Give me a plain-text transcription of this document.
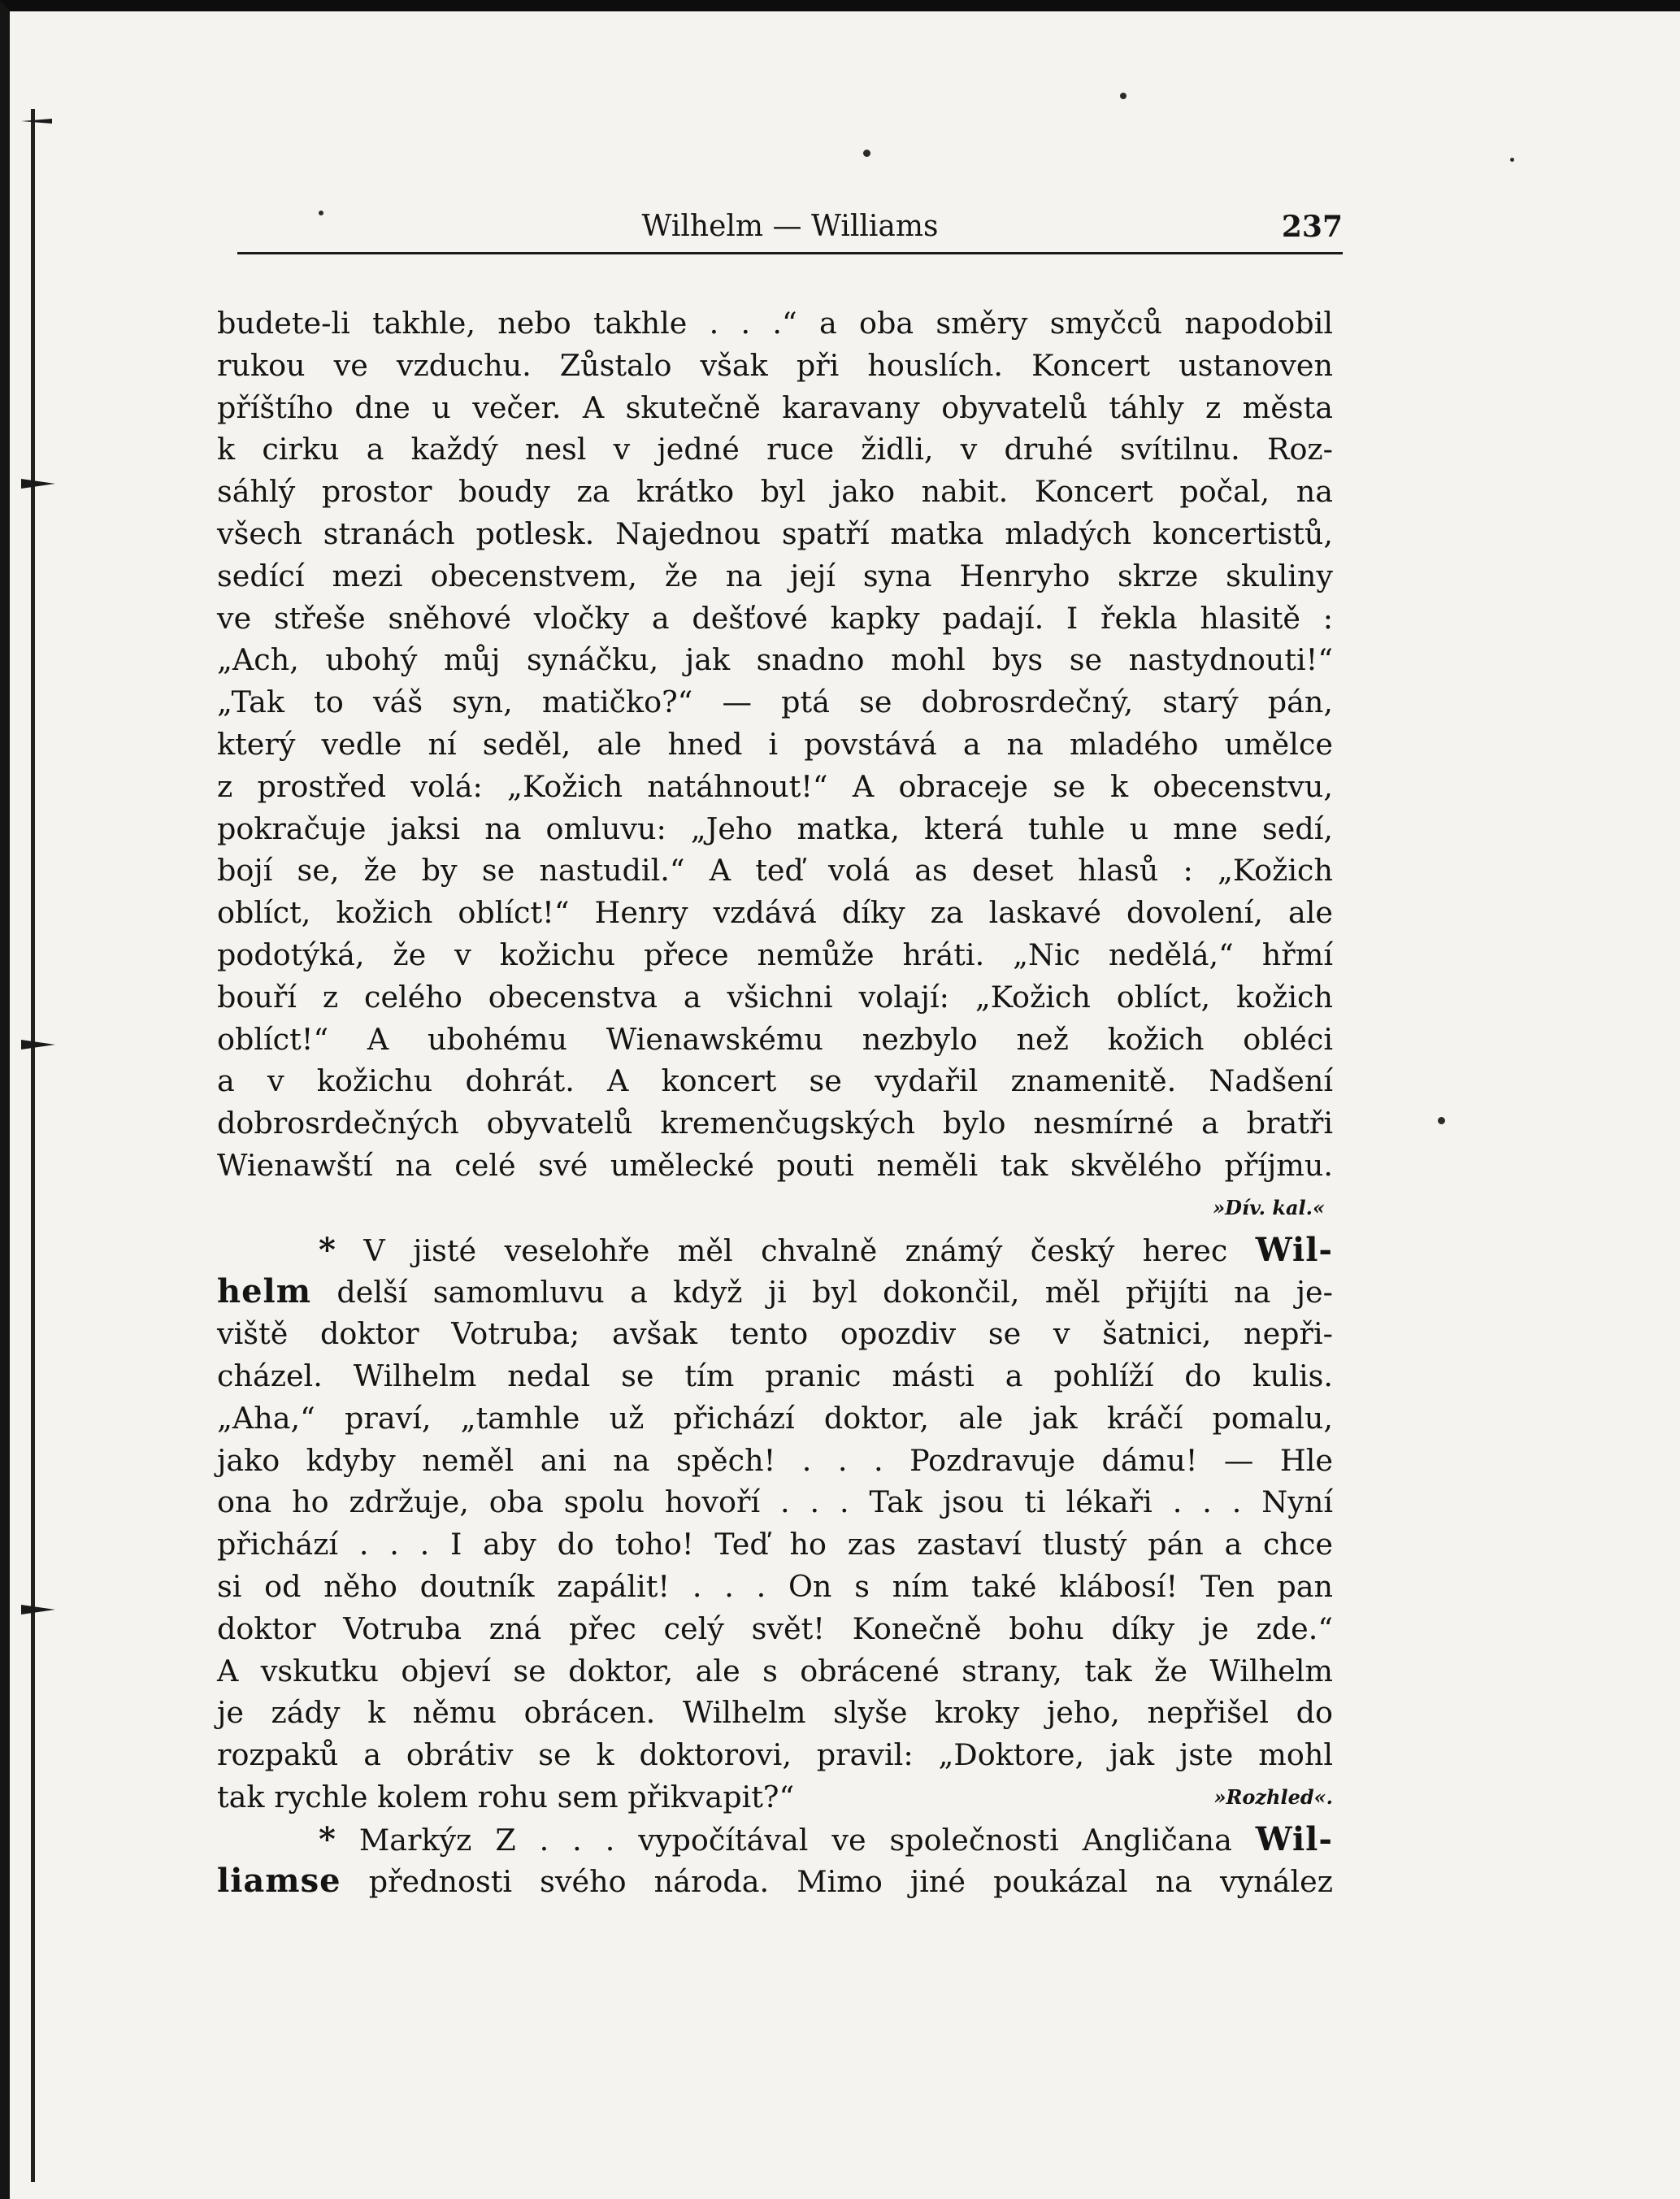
Wilhelm — Williams	237
budete-li takhle, nebo takhle . . .“ a oba směry smyčců napodobil
rukou ve vzduchu. Zůstalo však při houslích. Koncert ustanoven
příštího dne u večer. A skutečně karavany obyvatelů táhly z města
k cirku a každý nesl v jedné ruce židli, v druhé svítilnu. Roz-
sáhlý prostor boudy za krátko byl jako nabit. Koncert počal, na
všech stranách potlesk. Najednou spatří matka mladých koncertistů,
sedící mezi obecenstvem, že na její syna Henryho skrze skuliny
ve střeše sněhové vločky a dešťové kapky padají. I řekla hlasitě :
„Ach, ubohý můj synáčku, jak snadno mohl bys se nastydnouti!“
„Tak to váš syn, matičko?“ — ptá se dobrosrdečný, starý pán,
který vedle ní seděl, ale hned i povstává a na mladého umělce
z prostřed volá: „Kožich natáhnout!“ A obraceje se k obecenstvu,
pokračuje jaksi na omluvu: „Jeho matka, která tuhle u mne sedí,
bojí se, že by se nastudil.“ A teď volá as deset hlasů : „Kožich
oblíct, kožich oblíct!“ Henry vzdává díky za laskavé dovolení, ale
podotýká, že v kožichu přece nemůže hráti. „Nic nedělá,“ hřmí
bouří z celého obecenstva a všichni volají: „Kožich oblíct, kožich
oblíct!“ A ubohému Wienawskému nezbylo než kožich obléci
a v kožichu dohrát. A koncert se vydařil znamenitě. Nadšení
dobrosrdečných obyvatelů kremenčugských bylo nesmírné a bratři
Wienawští na celé své umělecké pouti neměli tak skvělého příjmu.
»Dív. kal.«
* V jisté veselohře měl chvalně známý český herec Wil-
helm delší samomluvu a když ji byl dokončil, měl přijíti na je-
viště doktor Votruba; avšak tento opozdiv se v šatnici, nepři-
cházel. Wilhelm nedal se tím pranic másti a pohlíží do kulis.
„Aha,“ praví, „tamhle už přichází doktor, ale jak kráčí pomalu,
jako kdyby neměl ani na spěch! . . . Pozdravuje dámu! — Hle
ona ho zdržuje, oba spolu hovoří . . . Tak jsou ti lékaři . . . Nyní
přichází . . . I aby do toho! Teď ho zas zastaví tlustý pán a chce
si od něho doutník zapálit! . . . On s ním také klábosí! Ten pan
doktor Votruba zná přec celý svět! Konečně bohu díky je zde.“
A vskutku objeví se doktor, ale s obrácené strany, tak že Wilhelm
je zády k němu obrácen. Wilhelm slyše kroky jeho, nepřišel do
rozpaků a obrátiv se k doktorovi, pravil: „Doktore, jak jste mohl
tak rychle kolem rohu sem přikvapit?“	»Rozhled«.
* Markýz Z . . . vypočítával ve společnosti Angličana Wil-
liamse přednosti svého národa. Mimo jiné poukázal na vynález
